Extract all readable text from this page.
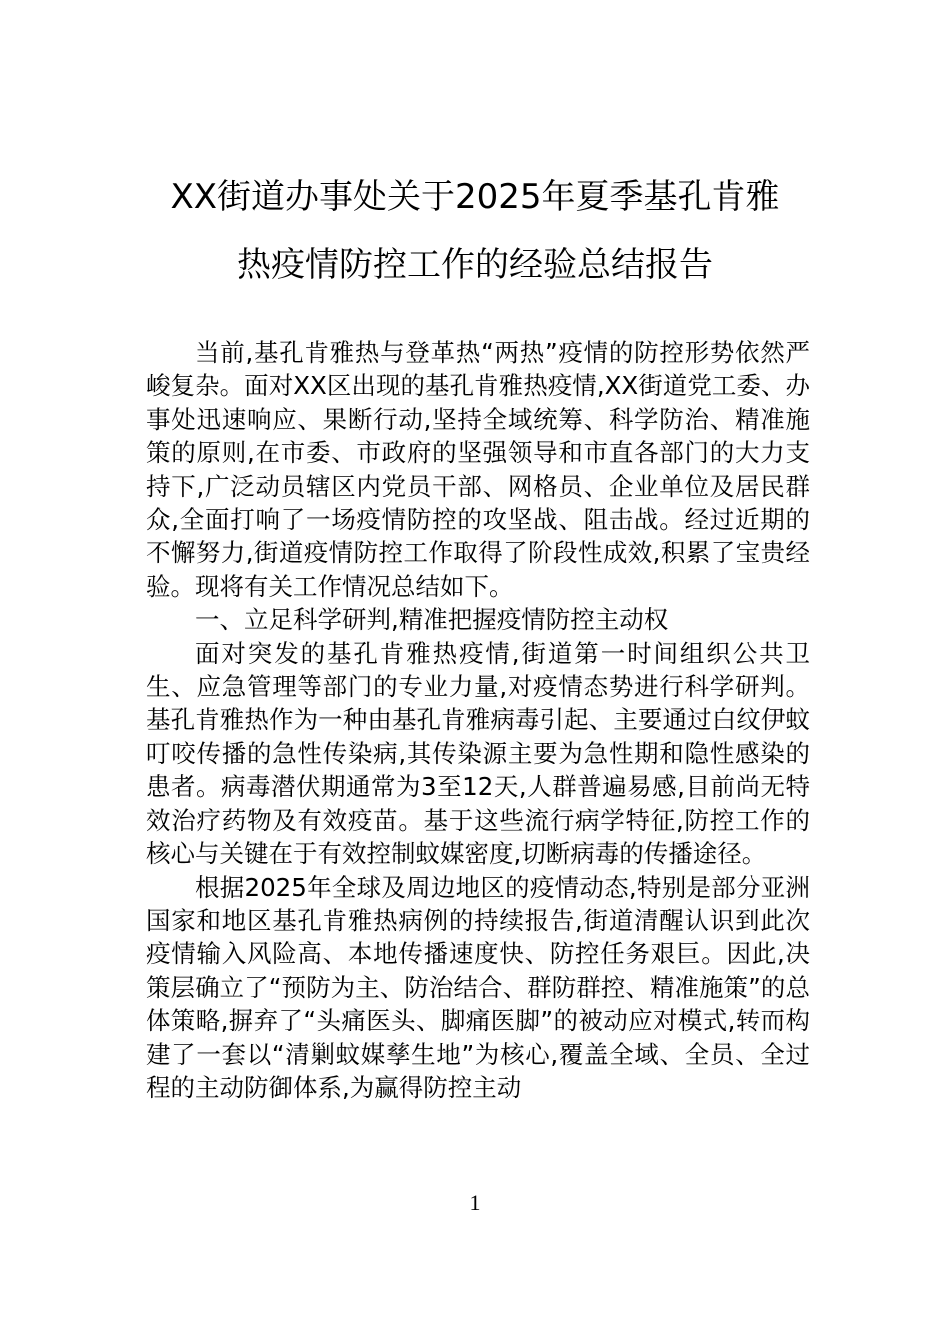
XX街道办事处关于2025年夏季基孔肯雅
热疫情防控工作的经验总结报告

当前,基孔肯雅热与登革热“两热”疫情的防控形势依然严峻复杂。面对XX区出现的基孔肯雅热疫情,XX街道党工委、办事处迅速响应、果断行动,坚持全域统筹、科学防治、精准施策的原则,在市委、市政府的坚强领导和市直各部门的大力支持下,广泛动员辖区内党员干部、网格员、企业单位及居民群众,全面打响了一场疫情防控的攻坚战、阻击战。经过近期的不懈努力,街道疫情防控工作取得了阶段性成效,积累了宝贵经验。现将有关工作情况总结如下。

一、立足科学研判,精准把握疫情防控主动权

面对突发的基孔肯雅热疫情,街道第一时间组织公共卫生、应急管理等部门的专业力量,对疫情态势进行科学研判。基孔肯雅热作为一种由基孔肯雅病毒引起、主要通过白纹伊蚊叮咬传播的急性传染病,其传染源主要为急性期和隐性感染的患者。病毒潜伏期通常为3至12天,人群普遍易感,目前尚无特效治疗药物及有效疫苗。基于这些流行病学特征,防控工作的核心与关键在于有效控制蚊媒密度,切断病毒的传播途径。

根据2025年全球及周边地区的疫情动态,特别是部分亚洲国家和地区基孔肯雅热病例的持续报告,街道清醒认识到此次疫情输入风险高、本地传播速度快、防控任务艰巨。因此,决策层确立了“预防为主、防治结合、群防群控、精准施策”的总体策略,摒弃了“头痛医头、脚痛医脚”的被动应对模式,转而构建了一套以“清剿蚊媒孳生地”为核心,覆盖全域、全员、全过程的主动防御体系,为赢得防控主动

1
